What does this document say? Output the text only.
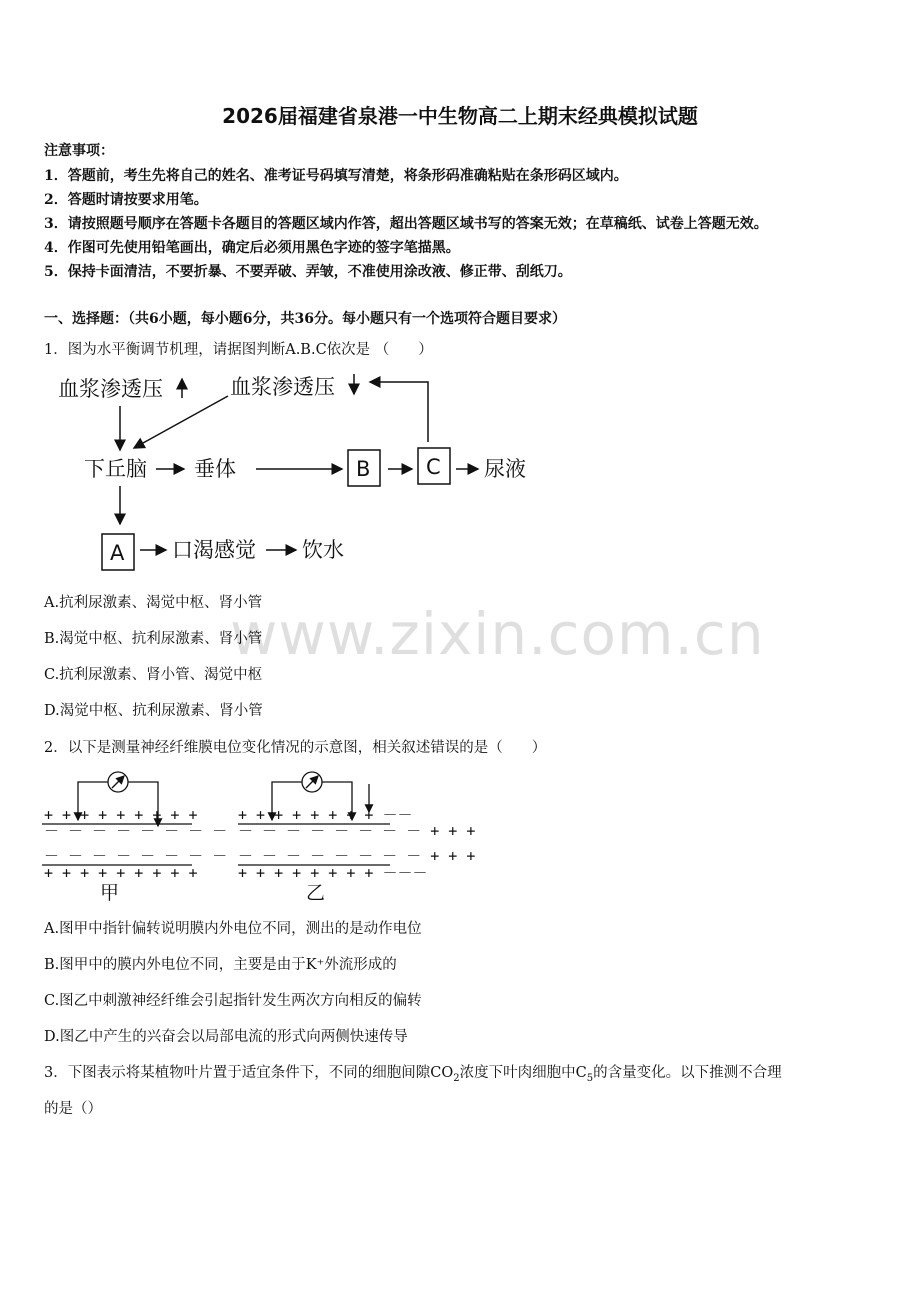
2026届福建省泉港一中生物高二上期末经典模拟试题
注意事项：
1．答题前，考生先将自己的姓名、准考证号码填写清楚，将条形码准确粘贴在条形码区域内。
2．答题时请按要求用笔。
3．请按照题号顺序在答题卡各题目的答题区域内作答，超出答题区域书写的答案无效；在草稿纸、试卷上答题无效。
4．作图可先使用铅笔画出，确定后必须用黑色字迹的签字笔描黑。
5．保持卡面清洁，不要折暴、不要弄破、弄皱，不准使用涂改液、修正带、刮纸刀。
一、选择题：（共6小题，每小题6分，共36分。每小题只有一个选项符合题目要求）
1．图为水平衡调节机理，请据图判断A.B.C依次是 （　　）
血浆渗透压	血浆渗透压
下丘脑 垂体	B	C 尿液
A 口渴感觉 饮水
A.抗利尿激素、渴觉中枢、肾小管
B.渴觉中枢、抗利尿激素、肾小管
C.抗利尿激素、肾小管、渴觉中枢
D.渴觉中枢、抗利尿激素、肾小管
2．以下是测量神经纤维膜电位变化情况的示意图，相关叙述错误的是（　　）
+ + + + + + + + +
－ － － － － － － －
－ － － － － － － －
+ + + + + + + + +
甲
+ + + + + + + + －－
－ － － － － － － － + + +
－ － － － － － － － + + +
+ + + + + + + + －－－
乙
A.图甲中指针偏转说明膜内外电位不同，测出的是动作电位
B.图甲中的膜内外电位不同，主要是由于K⁺外流形成的
C.图乙中刺激神经纤维会引起指针发生两次方向相反的偏转
D.图乙中产生的兴奋会以局部电流的形式向两侧快速传导
3．下图表示将某植物叶片置于适宜条件下，不同的细胞间隙$CO_2$浓度下叶肉细胞中$C_5$的含量变化。以下推测不合理
的是（）
www.zixin.com.cn
